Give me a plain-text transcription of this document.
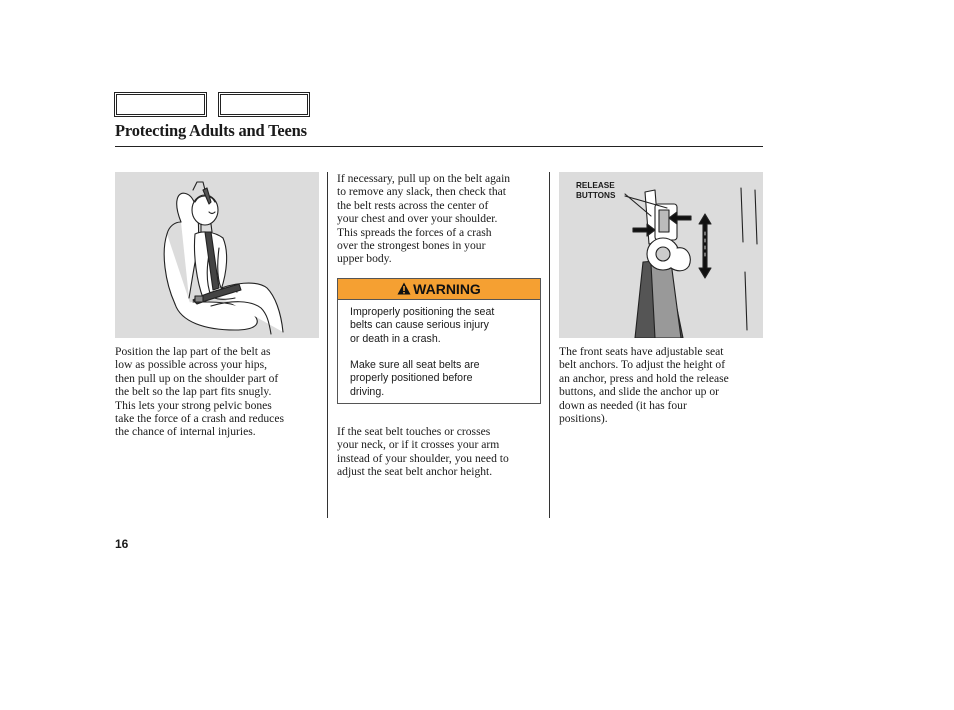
Protecting Adults and Teens

Position the lap part of the belt as

low as possible across your hips,

then pull up on the shoulder part of

the belt so the lap part fits snugly.

This lets your strong pelvic bones

take the force of a crash and reduces

the chance of internal injuries.

If necessary, pull up on the belt again

to remove any slack, then check that

the belt rests across the center of

your chest and over your shoulder.

This spreads the forces of a crash

over the strongest bones in your

upper body.

WARNING

Improperly positioning the seat

belts can cause serious injury

or death in a crash.

Make sure all seat belts are

properly positioned before

driving.

If the seat belt touches or crosses

your neck, or if it crosses your arm

instead of your shoulder, you need to

adjust the seat belt anchor height.

RELEASE
BUTTONS

The front seats have adjustable seat

belt anchors. To adjust the height of

an anchor, press and hold the release

buttons, and slide the anchor up or

down as needed (it has four

positions).

16
